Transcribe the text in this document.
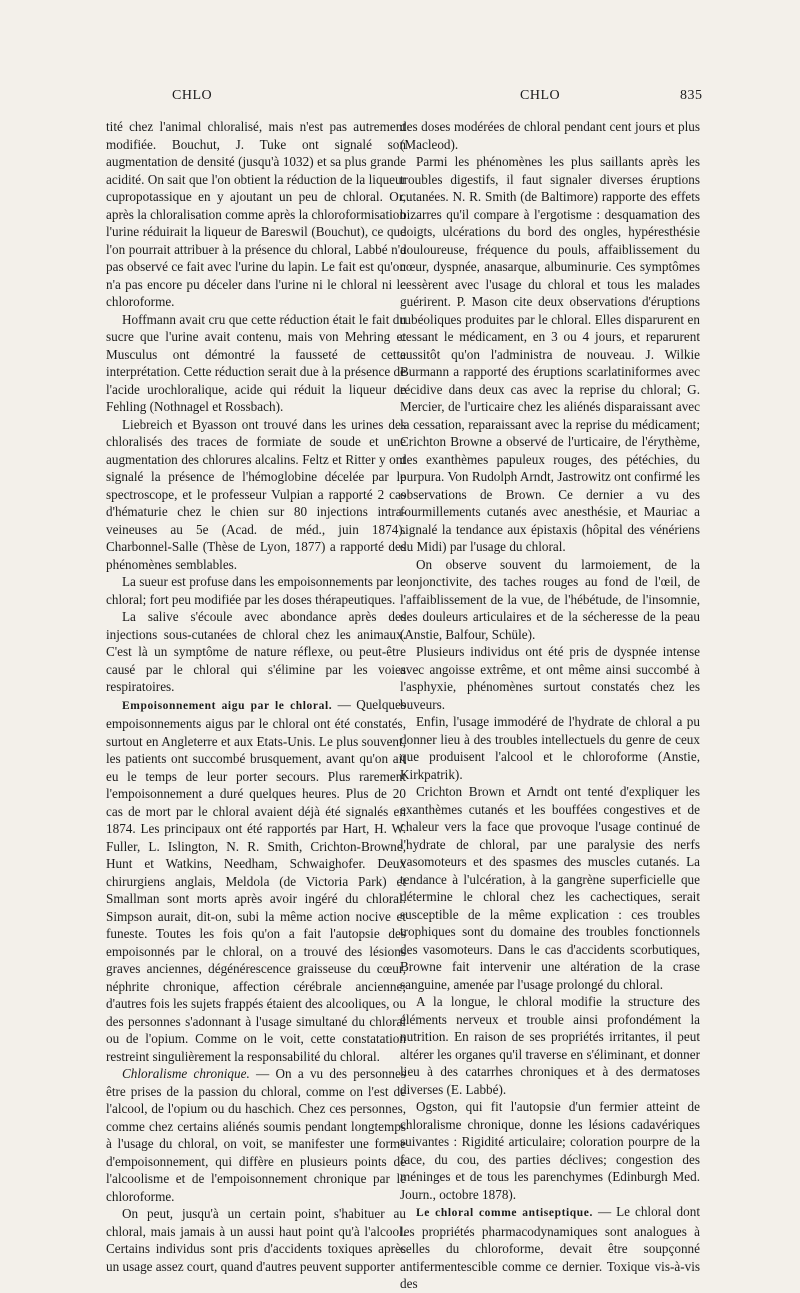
CHLO	CHLO	835

tité chez l'animal chloralisé, mais n'est pas autrement modifiée. Bouchut, J. Tuke ont signalé son augmentation de densité (jusqu'à 1032) et sa plus grande acidité. On sait que l'on obtient la réduction de la liqueur cupropotassique en y ajoutant un peu de chloral. Or, après la chloralisation comme après la chloroformisation l'urine réduirait la liqueur de Bareswil (Bouchut), ce que l'on pourrait attribuer à la présence du chloral, Labbé n'a pas observé ce fait avec l'urine du lapin. Le fait est qu'on n'a pas encore pu déceler dans l'urine ni le chloral ni le chloroforme.

Hoffmann avait cru que cette réduction était le fait du sucre que l'urine avait contenu, mais von Mehring et Musculus ont démontré la fausseté de cette interprétation. Cette réduction serait due à la présence de l'acide urochloralique, acide qui réduit la liqueur de Fehling (Nothnagel et Rossbach).

Liebreich et Byasson ont trouvé dans les urines des chloralisés des traces de formiate de soude et une augmentation des chlorures alcalins. Feltz et Ritter y ont signalé la présence de l'hémoglobine décelée par le spectroscope, et le professeur Vulpian a rapporté 2 cas d'hématurie chez le chien sur 80 injections intra-veineuses au 5e (Acad. de méd., juin 1874). Charbonnel-Salle (Thèse de Lyon, 1877) a rapporté des phénomènes semblables.

La sueur est profuse dans les empoisonnements par le chloral; fort peu modifiée par les doses thérapeutiques.

La salive s'écoule avec abondance après des injections sous-cutanées de chloral chez les animaux. C'est là un symptôme de nature réflexe, ou peut-être causé par le chloral qui s'élimine par les voies respiratoires.

Empoisonnement aigu par le chloral. — Quelques empoisonnements aigus par le chloral ont été constatés, surtout en Angleterre et aux Etats-Unis. Le plus souvent, les patients ont succombé brusquement, avant qu'on ait eu le temps de leur porter secours. Plus rarement l'empoisonnement a duré quelques heures. Plus de 20 cas de mort par le chloral avaient déjà été signalés en 1874. Les principaux ont été rapportés par Hart, H. W. Fuller, L. Islington, N. R. Smith, Crichton-Browne, Hunt et Watkins, Needham, Schwaighofer. Deux chirurgiens anglais, Meldola (de Victoria Park) et Smallman sont morts après avoir ingéré du chloral. Simpson aurait, dit-on, subi la même action nocive et funeste. Toutes les fois qu'on a fait l'autopsie des empoisonnés par le chloral, on a trouvé des lésions graves anciennes, dégénérescence graisseuse du cœur, néphrite chronique, affection cérébrale ancienne; d'autres fois les sujets frappés étaient des alcooliques, ou des personnes s'adonnant à l'usage simultané du chloral ou de l'opium. Comme on le voit, cette constatation restreint singulièrement la responsabilité du chloral.

Chloralisme chronique. — On a vu des personnes être prises de la passion du chloral, comme on l'est de l'alcool, de l'opium ou du haschich. Chez ces personnes, comme chez certains aliénés soumis pendant longtemps à l'usage du chloral, on voit, se manifester une forme d'empoisonnement, qui diffère en plusieurs points de l'alcoolisme et de l'empoisonnement chronique par le chloroforme.

On peut, jusqu'à un certain point, s'habituer au chloral, mais jamais à un aussi haut point qu'à l'alcool. Certains individus sont pris d'accidents toxiques après un usage assez court, quand d'autres peuvent supporter

des doses modérées de chloral pendant cent jours et plus (Macleod).

Parmi les phénomènes les plus saillants après les troubles digestifs, il faut signaler diverses éruptions cutanées. N. R. Smith (de Baltimore) rapporte des effets bizarres qu'il compare à l'ergotisme : desquamation des doigts, ulcérations du bord des ongles, hypéresthésie douloureuse, fréquence du pouls, affaiblissement du cœur, dyspnée, anasarque, albuminurie. Ces symptômes cessèrent avec l'usage du chloral et tous les malades guérirent. P. Mason cite deux observations d'éruptions rubéoliques produites par le chloral. Elles disparurent en cessant le médicament, en 3 ou 4 jours, et reparurent aussitôt qu'on l'administra de nouveau. J. Wilkie Burmann a rapporté des éruptions scarlatiniformes avec récidive dans deux cas avec la reprise du chloral; G. Mercier, de l'urticaire chez les aliénés disparaissant avec la cessation, reparaissant avec la reprise du médicament; Crichton Browne a observé de l'urticaire, de l'érythème, des exanthèmes papuleux rouges, des pétéchies, du purpura. Von Rudolph Arndt, Jastrowitz ont confirmé les observations de Brown. Ce dernier a vu des fourmillements cutanés avec anesthésie, et Mauriac a signalé la tendance aux épistaxis (hôpital des vénériens du Midi) par l'usage du chloral.

On observe souvent du larmoiement, de la conjonctivite, des taches rouges au fond de l'œil, de l'affaiblissement de la vue, de l'hébétude, de l'insomnie, des douleurs articulaires et de la sécheresse de la peau (Anstie, Balfour, Schüle).

Plusieurs individus ont été pris de dyspnée intense avec angoisse extrême, et ont même ainsi succombé à l'asphyxie, phénomènes surtout constatés chez les buveurs.

Enfin, l'usage immodéré de l'hydrate de chloral a pu donner lieu à des troubles intellectuels du genre de ceux que produisent l'alcool et le chloroforme (Anstie, Kirkpatrik).

Crichton Brown et Arndt ont tenté d'expliquer les exanthèmes cutanés et les bouffées congestives et de chaleur vers la face que provoque l'usage continué de l'hydrate de chloral, par une paralysie des nerfs vasomoteurs et des spasmes des muscles cutanés. La tendance à l'ulcération, à la gangrène superficielle que détermine le chloral chez les cachectiques, serait susceptible de la même explication : ces troubles trophiques sont du domaine des troubles fonctionnels des vasomoteurs. Dans le cas d'accidents scorbutiques, Browne fait intervenir une altération de la crase sanguine, amenée par l'usage prolongé du chloral.

A la longue, le chloral modifie la structure des éléments nerveux et trouble ainsi profondément la nutrition. En raison de ses propriétés irritantes, il peut altérer les organes qu'il traverse en s'éliminant, et donner lieu à des catarrhes chroniques et à des dermatoses diverses (E. Labbé).

Ogston, qui fit l'autopsie d'un fermier atteint de chloralisme chronique, donne les lésions cadavériques suivantes : Rigidité articulaire; coloration pourpre de la face, du cou, des parties déclives; congestion des méninges et de tous les parenchymes (Edinburgh Med. Journ., octobre 1878).

Le chloral comme antiseptique. — Le chloral dont les propriétés pharmacodynamiques sont analogues à celles du chloroforme, devait être soupçonné antifermentescible comme ce dernier. Toxique vis-à-vis des
